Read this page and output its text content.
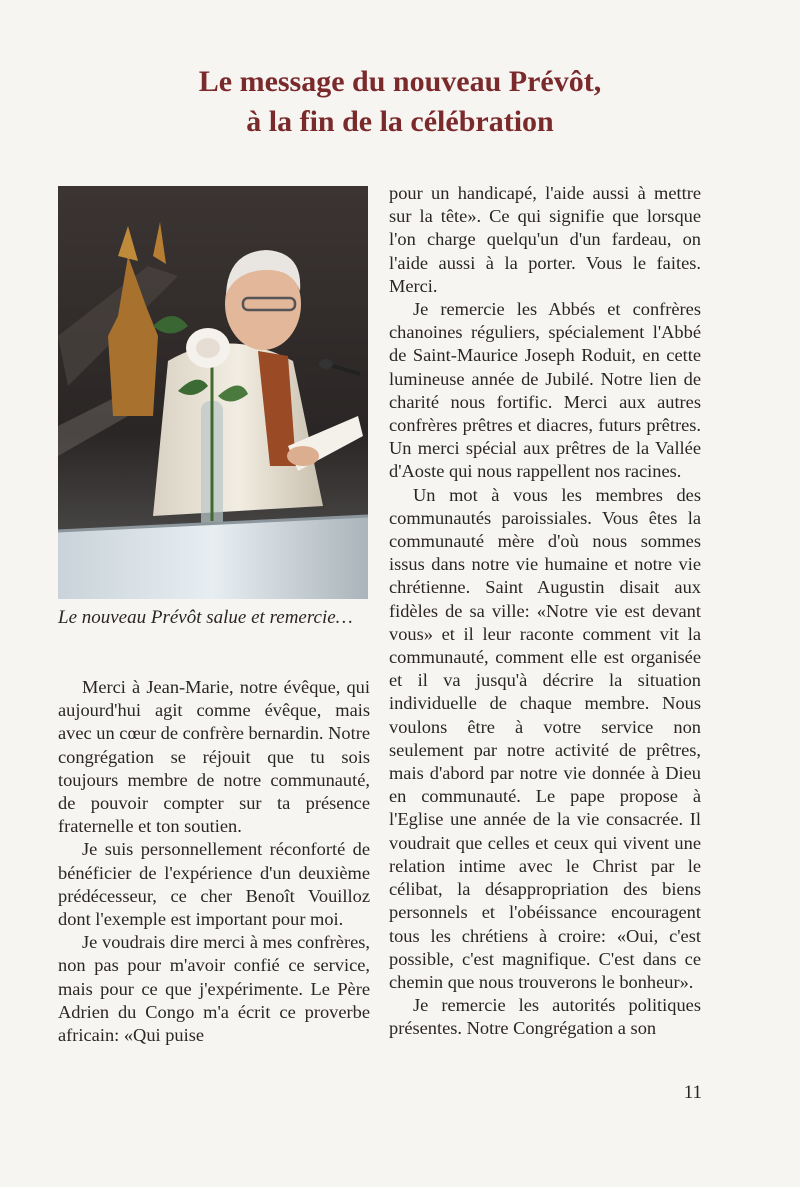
Le message du nouveau Prévôt,
à la fin de la célébration

Le nouveau Prévôt salue et remercie…

Merci à Jean-Marie, notre évêque, qui aujourd'hui agit comme évêque, mais avec un cœur de confrère bernardin. Notre congrégation se réjouit que tu sois toujours membre de notre communauté, de pouvoir compter sur ta présence fraternelle et ton soutien.

Je suis personnellement réconforté de bénéficier de l'expérience d'un deuxième prédécesseur, ce cher Benoît Vouilloz dont l'exemple est important pour moi.

Je voudrais dire merci à mes confrères, non pas pour m'avoir confié ce service, mais pour ce que j'expérimente. Le Père Adrien du Congo m'a écrit ce proverbe africain: «Qui puise

pour un handicapé, l'aide aussi à mettre sur la tête». Ce qui signifie que lorsque l'on charge quelqu'un d'un fardeau, on l'aide aussi à la porter. Vous le faites. Merci.

Je remercie les Abbés et confrères chanoines réguliers, spécialement l'Abbé de Saint-Maurice Joseph Roduit, en cette lumineuse année de Jubilé. Notre lien de charité nous fortific. Merci aux autres confrères prêtres et diacres, futurs prêtres. Un merci spécial aux prêtres de la Vallée d'Aoste qui nous rappellent nos racines.

Un mot à vous les membres des communautés paroissiales. Vous êtes la communauté mère d'où nous sommes issus dans notre vie humaine et notre vie chrétienne. Saint Augustin disait aux fidèles de sa ville: «Notre vie est devant vous» et il leur raconte comment vit la communauté, comment elle est organisée et il va jusqu'à décrire la situation individuelle de chaque membre. Nous voulons être à votre service non seulement par notre activité de prêtres, mais d'abord par notre vie donnée à Dieu en communauté. Le pape propose à l'Eglise une année de la vie consacrée. Il voudrait que celles et ceux qui vivent une relation intime avec le Christ par le célibat, la désappropriation des biens personnels et l'obéissance encouragent tous les chrétiens à croire: «Oui, c'est possible, c'est magnifique. C'est dans ce chemin que nous trouverons le bonheur».

Je remercie les autorités politiques présentes. Notre Congrégation a son

11
